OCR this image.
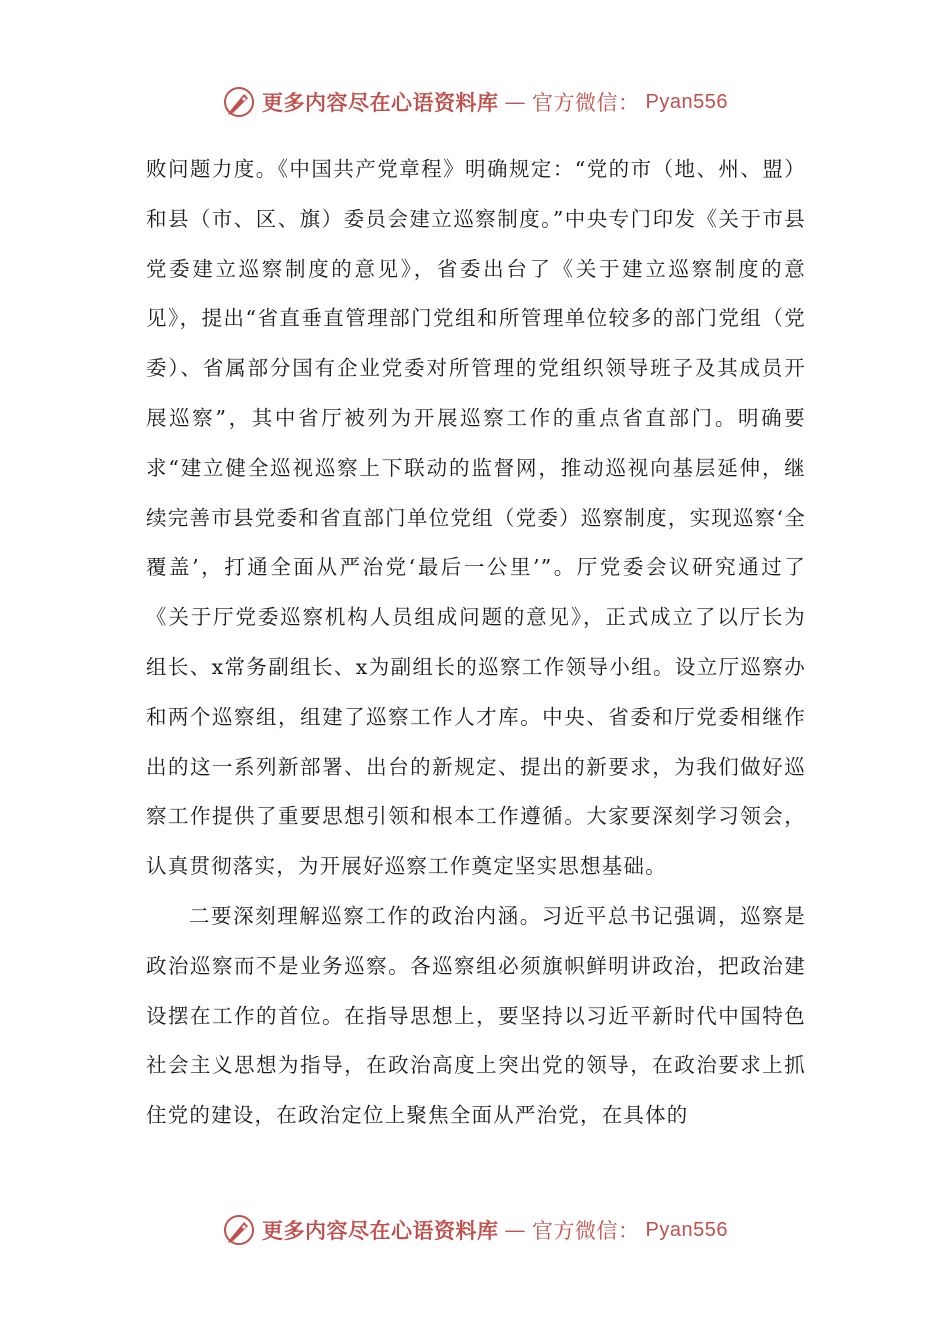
更多内容尽在心语资料库 — 官方微信： Pyan556

败问题力度。《中国共产党章程》明确规定：“党的市（地、州、盟）和县（市、区、旗）委员会建立巡察制度。”中央专门印发《关于市县党委建立巡察制度的意见》，省委出台了《关于建立巡察制度的意见》，提出“省直垂直管理部门党组和所管理单位较多的部门党组（党委）、省属部分国有企业党委对所管理的党组织领导班子及其成员开展巡察”，其中省厅被列为开展巡察工作的重点省直部门。明确要求“建立健全巡视巡察上下联动的监督网，推动巡视向基层延伸，继续完善市县党委和省直部门单位党组（党委）巡察制度，实现巡察‘全覆盖’，打通全面从严治党‘最后一公里’”。厅党委会议研究通过了《关于厅党委巡察机构人员组成问题的意见》，正式成立了以厅长为组长、x常务副组长、x为副组长的巡察工作领导小组。设立厅巡察办和两个巡察组，组建了巡察工作人才库。中央、省委和厅党委相继作出的这一系列新部署、出台的新规定、提出的新要求，为我们做好巡察工作提供了重要思想引领和根本工作遵循。大家要深刻学习领会，认真贯彻落实，为开展好巡察工作奠定坚实思想基础。

二要深刻理解巡察工作的政治内涵。习近平总书记强调，巡察是政治巡察而不是业务巡察。各巡察组必须旗帜鲜明讲政治，把政治建设摆在工作的首位。在指导思想上，要坚持以习近平新时代中国特色社会主义思想为指导，在政治高度上突出党的领导，在政治要求上抓住党的建设，在政治定位上聚焦全面从严治党，在具体的

更多内容尽在心语资料库 — 官方微信： Pyan556
